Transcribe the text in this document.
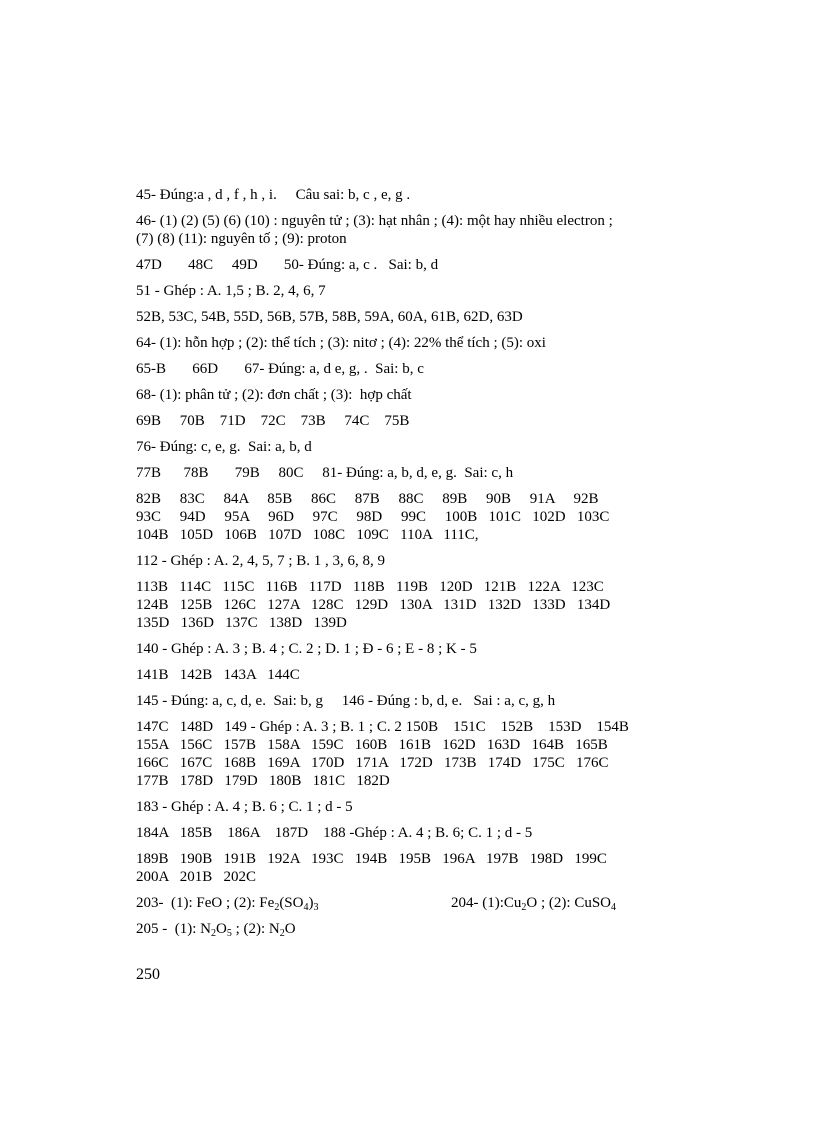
45- Đúng:a , d , f , h , i.     Câu sai: b, c , e, g .

46- (1) (2) (5) (6) (10) : nguyên tử ; (3): hạt nhân ; (4): một hay nhiều electron ;

(7) (8) (11): nguyên tố ; (9): proton

47D       48C     49D       50- Đúng: a, c .   Sai: b, d

51 - Ghép : A. 1,5 ; B. 2, 4, 6, 7

52B, 53C, 54B, 55D, 56B, 57B, 58B, 59A, 60A, 61B, 62D, 63D

64- (1): hỗn hợp ; (2): thể tích ; (3): nitơ ; (4): 22% thể tích ; (5): oxi

65-B       66D       67- Đúng: a, d e, g, .  Sai: b, c

68- (1): phân tử ; (2): đơn chất ; (3):  hợp chất

69B     70B    71D    72C    73B     74C    75B

76- Đúng: c, e, g.  Sai: a, b, d

77B      78B       79B     80C     81- Đúng: a, b, d, e, g.  Sai: c, h

82B     83C     84A     85B     86C     87B     88C     89B     90B     91A     92B

93C     94D     95A     96D     97C     98D     99C     100B   101C   102D   103C

104B   105D   106B   107D   108C   109C   110A   111C,

112 - Ghép : A. 2, 4, 5, 7 ; B. 1 , 3, 6, 8, 9

113B   114C   115C   116B   117D   118B   119B   120D   121B   122A   123C

124B   125B   126C   127A   128C   129D   130A   131D   132D   133D   134D

135D   136D   137C   138D   139D

140 - Ghép : A. 3 ; B. 4 ; C. 2 ; D. 1 ; Đ - 6 ; E - 8 ; K - 5

141B   142B   143A   144C

145 - Đúng: a, c, d, e.  Sai: b, g     146 - Đúng : b, d, e.   Sai : a, c, g, h

147C   148D   149 - Ghép : A. 3 ; B. 1 ; C. 2 150B    151C    152B    153D    154B

155A   156C   157B   158A   159C   160B   161B   162D   163D   164B   165B

166C   167C   168B   169A   170D   171A   172D   173B   174D   175C   176C

177B   178D   179D   180B   181C   182D

183 - Ghép : A. 4 ; B. 6 ; C. 1 ; d - 5

184A   185B    186A    187D    188 -Ghép : A. 4 ; B. 6; C. 1 ; d - 5

189B   190B   191B   192A   193C   194B   195B   196A   197B   198D   199C

200A   201B   202C

203-  (1): FeO ; (2): $Fe_2(SO_4)_3$	204- $(1):Cu_2O$ ; (2): CuSO$_4$

205 -  (1): $N_2O_5$ ; (2): $N_2O$

250
